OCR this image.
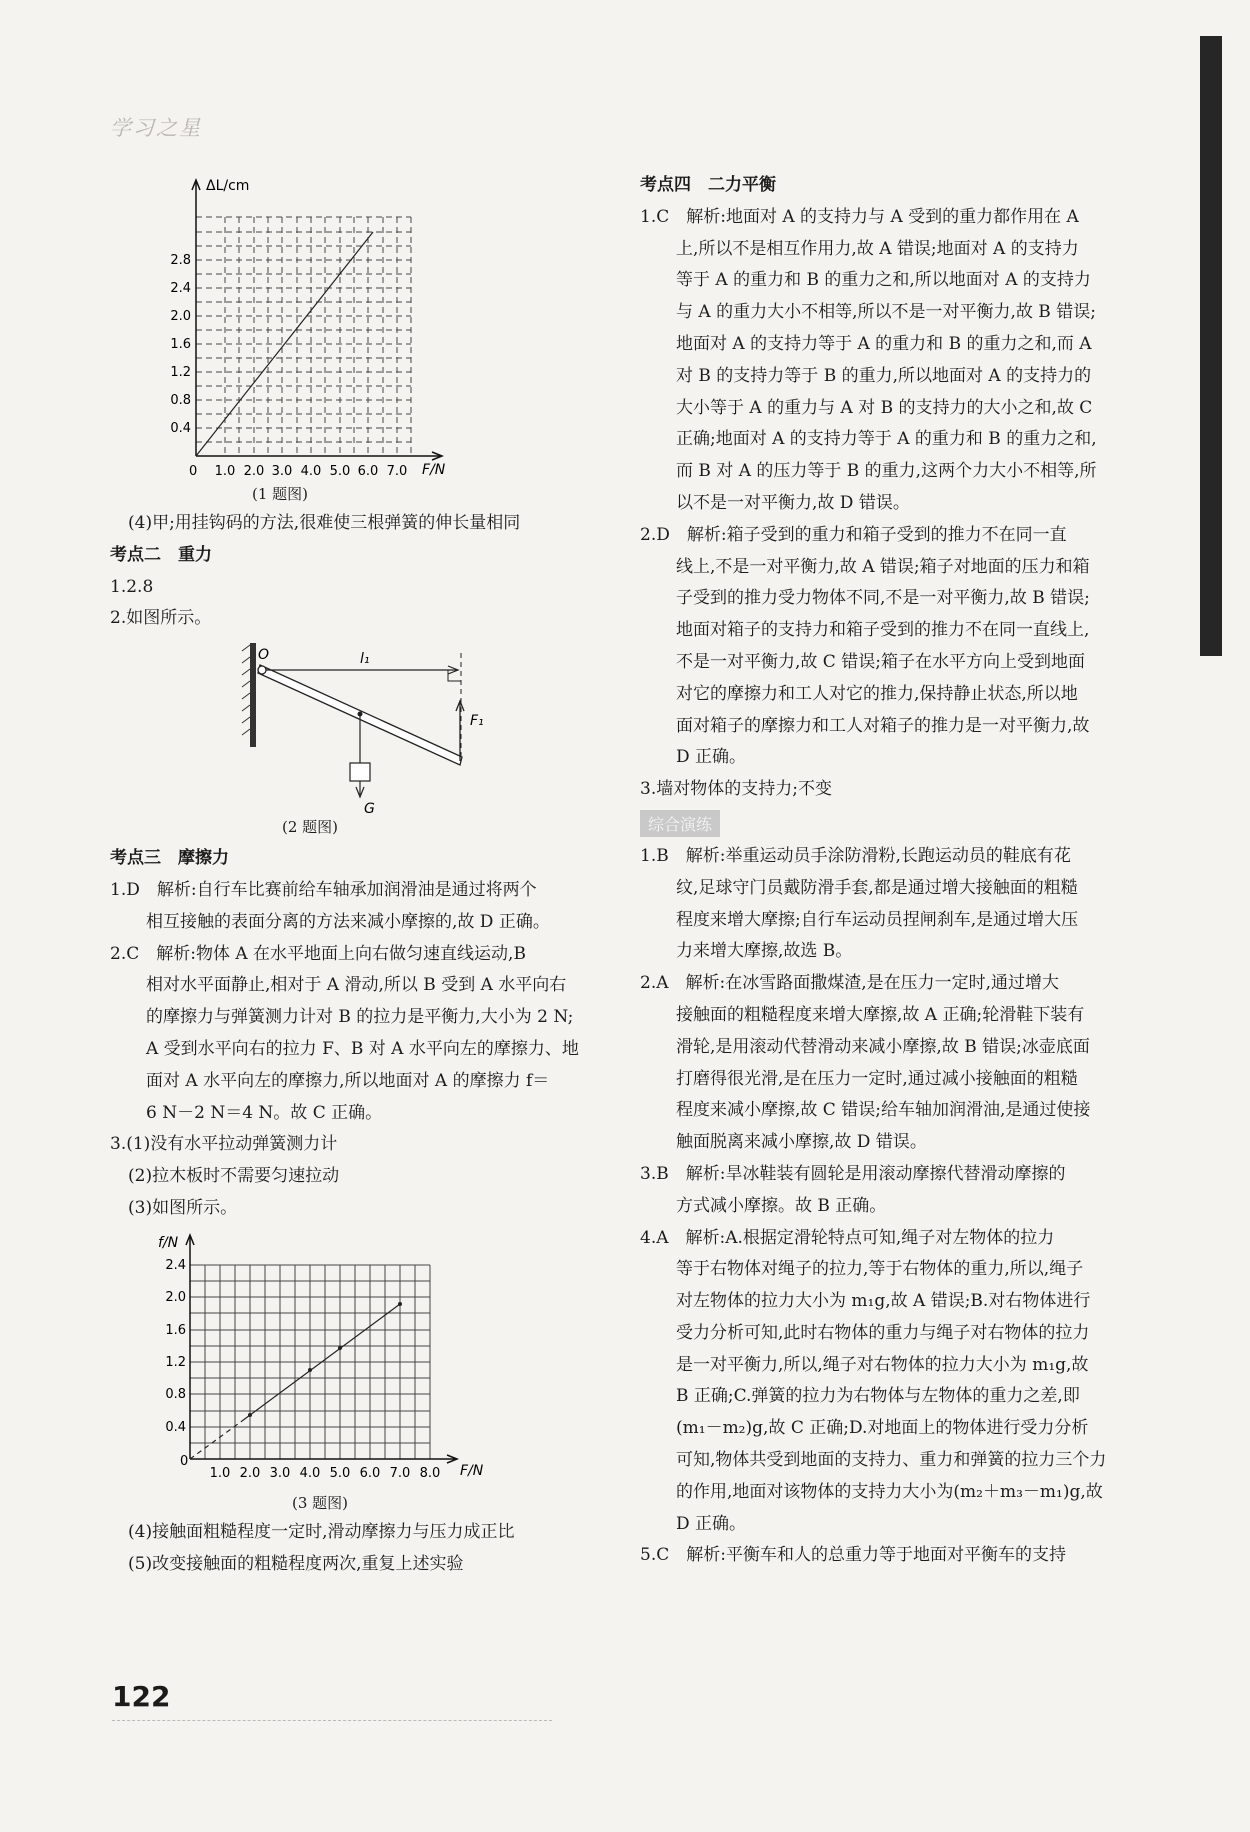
学习之星
ΔL/cm
F/N
0
0.4
0.8
1.2
1.6
2.0
2.4
2.8
1.0 2.0 3.0 4.0 5.0 6.0 7.0
(1 题图)
(4)甲;用挂钩码的方法,很难使三根弹簧的伸长量相同
考点二　重力
1.2.8
2.如图所示。
O	l₁
F₁
G
(2 题图)
考点三　摩擦力
1.D　解析:自行车比赛前给车轴承加润滑油是通过将两个
相互接触的表面分离的方法来减小摩擦的,故 D 正确。
2.C　解析:物体 A 在水平地面上向右做匀速直线运动,B
相对水平面静止,相对于 A 滑动,所以 B 受到 A 水平向右
的摩擦力与弹簧测力计对 B 的拉力是平衡力,大小为 2 N;
A 受到水平向右的拉力 F、B 对 A 水平向左的摩擦力、地
面对 A 水平向左的摩擦力,所以地面对 A 的摩擦力 f＝
6 N－2 N＝4 N。故 C 正确。
3.(1)没有水平拉动弹簧测力计
(2)拉木板时不需要匀速拉动
(3)如图所示。
f/N
F/N
0
0.4
0.8
1.2
1.6
2.0
2.4
1.0 2.0 3.0 4.0 5.0 6.0 7.0 8.0
(3 题图)
(4)接触面粗糙程度一定时,滑动摩擦力与压力成正比
(5)改变接触面的粗糙程度两次,重复上述实验
考点四　二力平衡
1.C　解析:地面对 A 的支持力与 A 受到的重力都作用在 A
上,所以不是相互作用力,故 A 错误;地面对 A 的支持力
等于 A 的重力和 B 的重力之和,所以地面对 A 的支持力
与 A 的重力大小不相等,所以不是一对平衡力,故 B 错误;
地面对 A 的支持力等于 A 的重力和 B 的重力之和,而 A
对 B 的支持力等于 B 的重力,所以地面对 A 的支持力的
大小等于 A 的重力与 A 对 B 的支持力的大小之和,故 C
正确;地面对 A 的支持力等于 A 的重力和 B 的重力之和,
而 B 对 A 的压力等于 B 的重力,这两个力大小不相等,所
以不是一对平衡力,故 D 错误。
2.D　解析:箱子受到的重力和箱子受到的推力不在同一直
线上,不是一对平衡力,故 A 错误;箱子对地面的压力和箱
子受到的推力受力物体不同,不是一对平衡力,故 B 错误;
地面对箱子的支持力和箱子受到的推力不在同一直线上,
不是一对平衡力,故 C 错误;箱子在水平方向上受到地面
对它的摩擦力和工人对它的推力,保持静止状态,所以地
面对箱子的摩擦力和工人对箱子的推力是一对平衡力,故
D 正确。
3.墙对物体的支持力;不变
综合演练
1.B　解析:举重运动员手涂防滑粉,长跑运动员的鞋底有花
纹,足球守门员戴防滑手套,都是通过增大接触面的粗糙
程度来增大摩擦;自行车运动员捏闸刹车,是通过增大压
力来增大摩擦,故选 B。
2.A　解析:在冰雪路面撒煤渣,是在压力一定时,通过增大
接触面的粗糙程度来增大摩擦,故 A 正确;轮滑鞋下装有
滑轮,是用滚动代替滑动来减小摩擦,故 B 错误;冰壶底面
打磨得很光滑,是在压力一定时,通过减小接触面的粗糙
程度来减小摩擦,故 C 错误;给车轴加润滑油,是通过使接
触面脱离来减小摩擦,故 D 错误。
3.B　解析:旱冰鞋装有圆轮是用滚动摩擦代替滑动摩擦的
方式减小摩擦。故 B 正确。
4.A　解析:A.根据定滑轮特点可知,绳子对左物体的拉力
等于右物体对绳子的拉力,等于右物体的重力,所以,绳子
对左物体的拉力大小为 m₁g,故 A 错误;B.对右物体进行
受力分析可知,此时右物体的重力与绳子对右物体的拉力
是一对平衡力,所以,绳子对右物体的拉力大小为 m₁g,故
B 正确;C.弹簧的拉力为右物体与左物体的重力之差,即
(m₁－m₂)g,故 C 正确;D.对地面上的物体进行受力分析
可知,物体共受到地面的支持力、重力和弹簧的拉力三个力
的作用,地面对该物体的支持力大小为(m₂＋m₃－m₁)g,故
D 正确。
5.C　解析:平衡车和人的总重力等于地面对平衡车的支持
122
